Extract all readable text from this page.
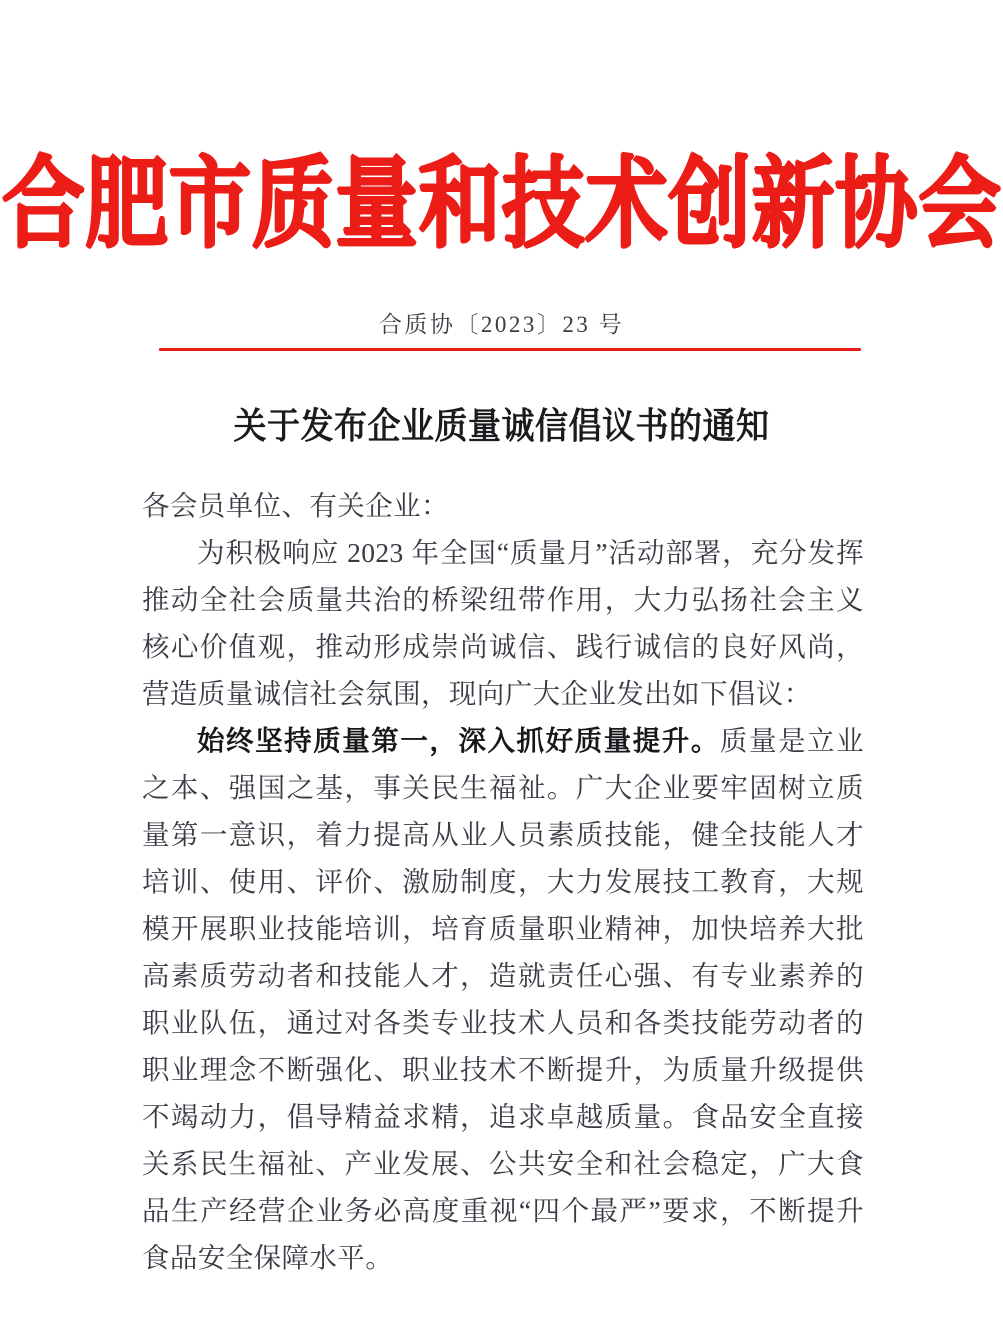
合肥市质量和技术创新协会
合质协〔2023〕23 号
关于发布企业质量诚信倡议书的通知

各会员单位、有关企业：

为积极响应 2023 年全国“质量月”活动部署，充分发挥推动全社会质量共治的桥梁纽带作用，大力弘扬社会主义核心价值观，推动形成崇尚诚信、践行诚信的良好风尚，营造质量诚信社会氛围，现向广大企业发出如下倡议：

始终坚持质量第一，深入抓好质量提升。质量是立业之本、强国之基，事关民生福祉。广大企业要牢固树立质量第一意识，着力提高从业人员素质技能，健全技能人才培训、使用、评价、激励制度，大力发展技工教育，大规模开展职业技能培训，培育质量职业精神，加快培养大批高素质劳动者和技能人才，造就责任心强、有专业素养的职业队伍，通过对各类专业技术人员和各类技能劳动者的职业理念不断强化、职业技术不断提升，为质量升级提供不竭动力，倡导精益求精，追求卓越质量。食品安全直接关系民生福祉、产业发展、公共安全和社会稳定，广大食品生产经营企业务必高度重视“四个最严”要求，不断提升食品安全保障水平。
